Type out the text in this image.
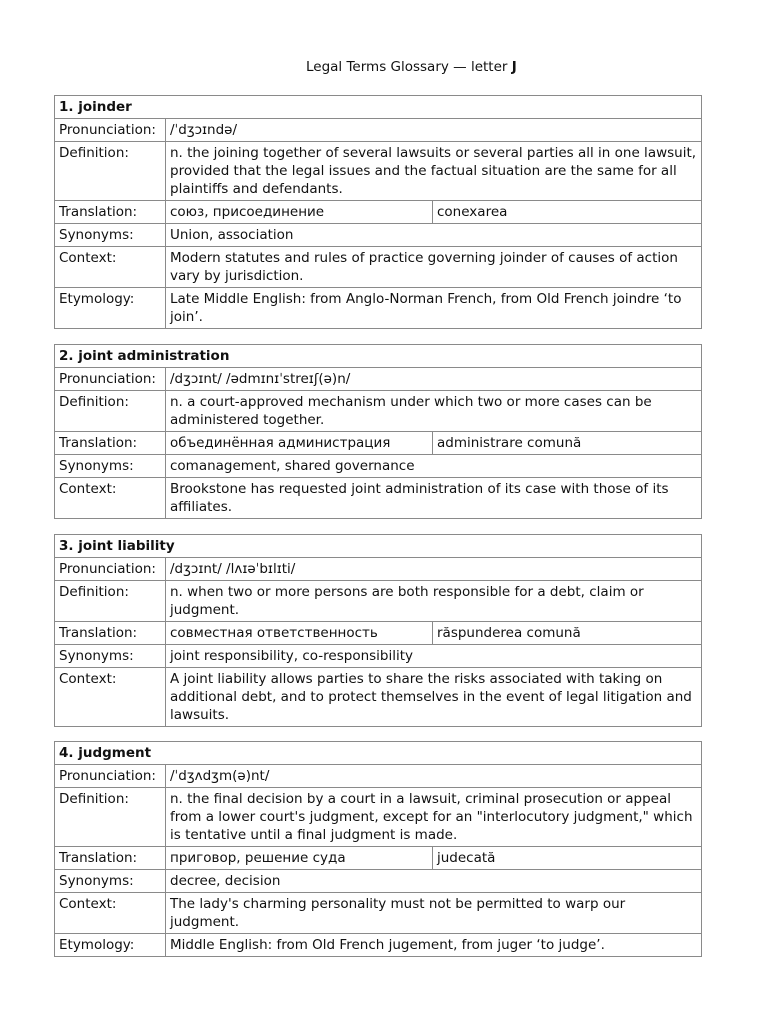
Legal Terms Glossary — letter J
1. joinder		
Pronunciation:	/ˈdʒɔɪndə/	
Definition:	n. the joining together of several lawsuits or several parties all in one lawsuit, provided that the legal issues and the factual situation are the same for all plaintiffs and defendants.	
Translation:	союз, присоединение	conexarea
Synonyms:	Union, association	
Context:	Modern statutes and rules of practice governing joinder of causes of action vary by jurisdiction.	
Etymology:	Late Middle English: from Anglo-Norman French, from Old French joindre ‘to join’.	
2. joint administration		
Pronunciation:	/dʒɔɪnt/ /ədmɪnɪˈstreɪʃ(ə)n/	
Definition:	n. a court-approved mechanism under which two or more cases can be administered together.	
Translation:	объединённая администрация	administrare comună
Synonyms:	comanagement, shared governance	
Context:	Brookstone has requested joint administration of its case with those of its affiliates.	
3. joint liability		
Pronunciation:	/dʒɔɪnt/ /lʌɪəˈbɪlɪti/	
Definition:	n. when two or more persons are both responsible for a debt, claim or judgment.	
Translation:	совместная ответственность	răspunderea comună
Synonyms:	joint responsibility, co-responsibility	
Context:	A joint liability allows parties to share the risks associated with taking on additional debt, and to protect themselves in the event of legal litigation and lawsuits.	
4. judgment		
Pronunciation:	/ˈdʒʌdʒm(ə)nt/	
Definition:	n. the final decision by a court in a lawsuit, criminal prosecution or appeal from a lower court's judgment, except for an "interlocutory judgment," which is tentative until a final judgment is made.	
Translation:	приговор, решение суда	judecată
Synonyms:	decree, decision	
Context:	The lady's charming personality must not be permitted to warp our judgment.	
Etymology:	Middle English: from Old French jugement, from juger ‘to judge’.	
